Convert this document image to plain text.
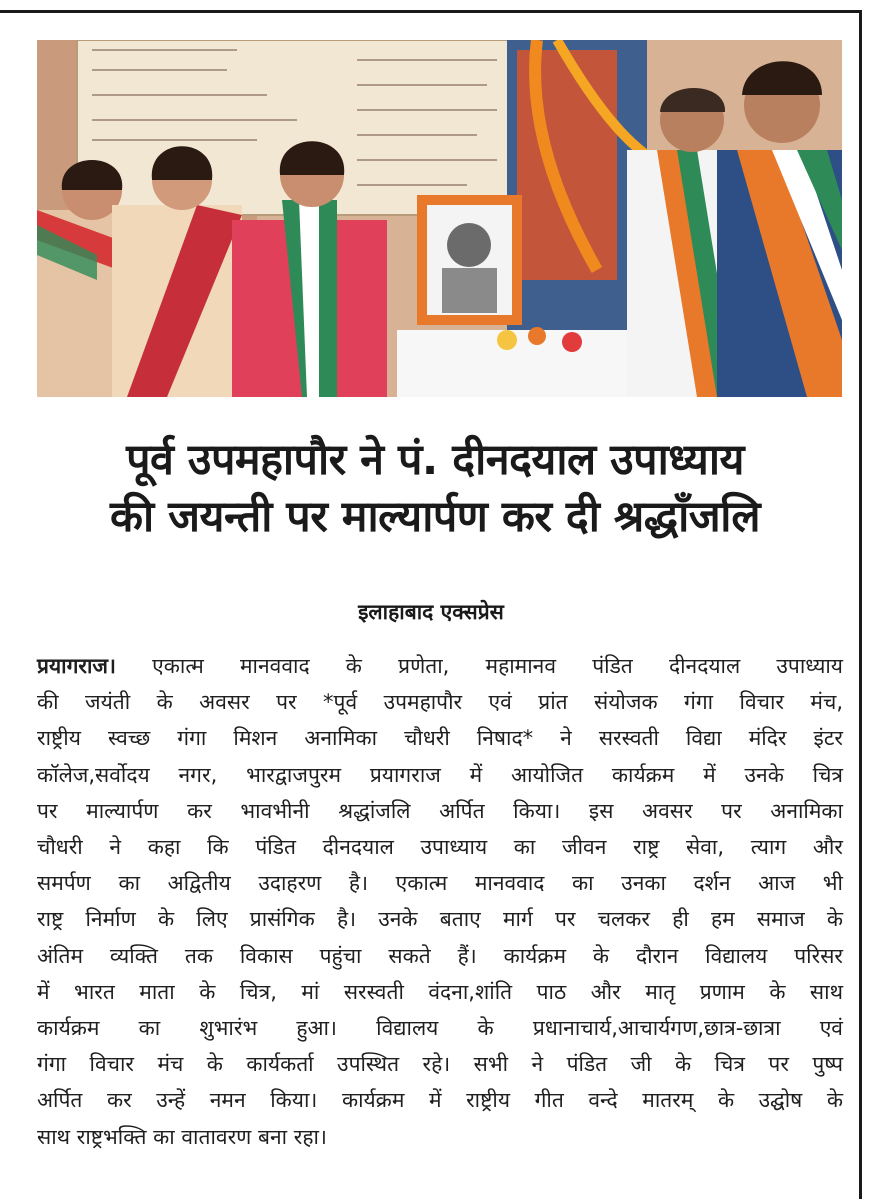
पूर्व उपमहापौर ने पं. दीनदयाल उपाध्याय
की जयन्ती पर माल्यार्पण कर दी श्रद्धाँजलि
इलाहाबाद एक्सप्रेस
प्रयागराज। एकात्म मानववाद के प्रणेता, महामानव पंडित दीनदयाल उपाध्याय
की जयंती के अवसर पर *पूर्व उपमहापौर एवं प्रांत संयोजक गंगा विचार मंच,
राष्ट्रीय स्वच्छ गंगा मिशन अनामिका चौधरी निषाद* ने सरस्वती विद्या मंदिर इंटर
कॉलेज,सर्वोदय नगर, भारद्वाजपुरम प्रयागराज में आयोजित कार्यक्रम में उनके चित्र
पर माल्यार्पण कर भावभीनी श्रद्धांजलि अर्पित किया। इस अवसर पर अनामिका
चौधरी ने कहा कि पंडित दीनदयाल उपाध्याय का जीवन राष्ट्र सेवा, त्याग और
समर्पण का अद्वितीय उदाहरण है। एकात्म मानववाद का उनका दर्शन आज भी
राष्ट्र निर्माण के लिए प्रासंगिक है। उनके बताए मार्ग पर चलकर ही हम समाज के
अंतिम व्यक्ति तक विकास पहुंचा सकते हैं। कार्यक्रम के दौरान विद्यालय परिसर
में भारत माता के चित्र, मां सरस्वती वंदना,शांति पाठ और मातृ प्रणाम के साथ
कार्यक्रम का शुभारंभ हुआ। विद्यालय के प्रधानाचार्य,आचार्यगण,छात्र-छात्रा एवं
गंगा विचार मंच के कार्यकर्ता उपस्थित रहे। सभी ने पंडित जी के चित्र पर पुष्प
अर्पित कर उन्हें नमन किया। कार्यक्रम में राष्ट्रीय गीत वन्दे मातरम् के उद्घोष के
साथ राष्ट्रभक्ति का वातावरण बना रहा।
